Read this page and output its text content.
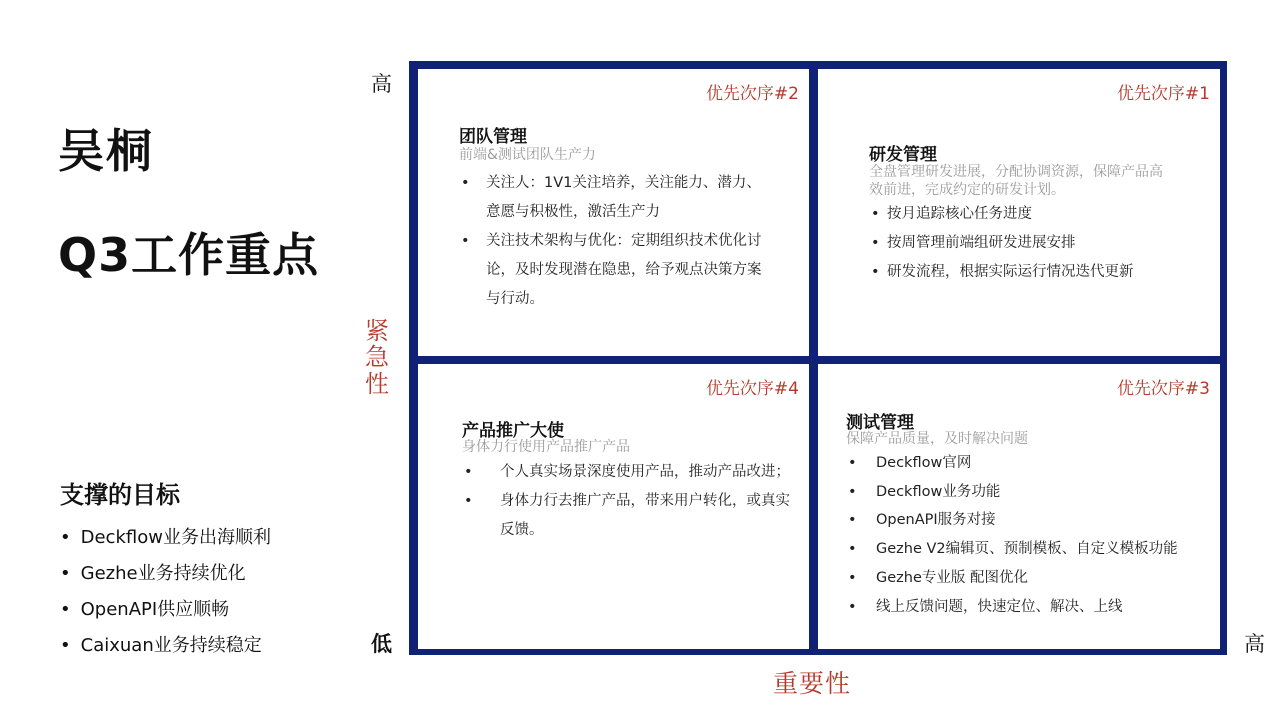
吴桐
Q3工作重点
支撑的目标
• Deckflow业务出海顺利
• Gezhe业务持续优化
• OpenAPI供应顺畅
• Caixuan业务持续稳定
高
低	高
紧
急
性
重要性
优先次序#2
团队管理
前端&测试团队生产力
• 关注人：1V1关注培养，关注能力、潜力、意愿与积极性，激活生产力
• 关注技术架构与优化：定期组织技术优化讨论，及时发现潜在隐患，给予观点决策方案与行动。
优先次序#1
研发管理
全盘管理研发进展，分配协调资源，保障产品高效前进，完成约定的研发计划。
• 按月追踪核心任务进度
• 按周管理前端组研发进展安排
• 研发流程，根据实际运行情况迭代更新
优先次序#4
产品推广大使
身体力行使用产品推广产品
• 个人真实场景深度使用产品，推动产品改进；
• 身体力行去推广产品，带来用户转化，或真实反馈。
优先次序#3
测试管理
保障产品质量，及时解决问题
• Deckflow官网
• Deckflow业务功能
• OpenAPI服务对接
• Gezhe V2编辑页、预制模板、自定义模板功能
• Gezhe专业版 配图优化
• 线上反馈问题，快速定位、解决、上线
